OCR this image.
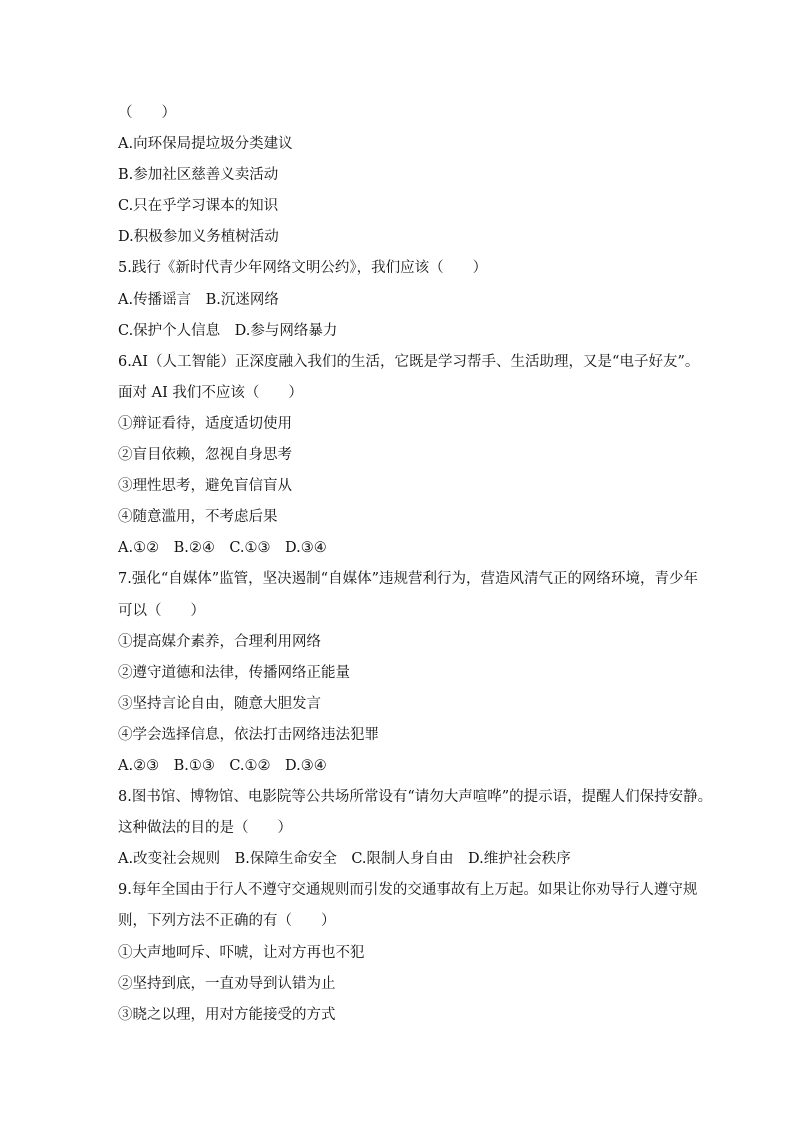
（　　）
A.向环保局提垃圾分类建议
B.参加社区慈善义卖活动
C.只在乎学习课本的知识
D.积极参加义务植树活动
5.践行《新时代青少年网络文明公约》，我们应该（　　）
A.传播谣言　B.沉迷网络
C.保护个人信息　D.参与网络暴力
6.AI（人工智能）正深度融入我们的生活，它既是学习帮手、生活助理，又是“电子好友”。
面对 AI 我们不应该（　　）
①辩证看待，适度适切使用
②盲目依赖，忽视自身思考
③理性思考，避免盲信盲从
④随意滥用，不考虑后果
A.①②　B.②④　C.①③　D.③④
7.强化“自媒体”监管，坚决遏制“自媒体”违规营利行为，营造风清气正的网络环境，青少年
可以（　　）
①提高媒介素养，合理利用网络
②遵守道德和法律，传播网络正能量
③坚持言论自由，随意大胆发言
④学会选择信息，依法打击网络违法犯罪
A.②③　B.①③　C.①②　D.③④
8.图书馆、博物馆、电影院等公共场所常设有“请勿大声喧哗”的提示语，提醒人们保持安静。
这种做法的目的是（　　）
A.改变社会规则　B.保障生命安全　C.限制人身自由　D.维护社会秩序
9.每年全国由于行人不遵守交通规则而引发的交通事故有上万起。如果让你劝导行人遵守规
则，下列方法不正确的有（　　）
①大声地呵斥、吓唬，让对方再也不犯
②坚持到底，一直劝导到认错为止
③晓之以理，用对方能接受的方式
